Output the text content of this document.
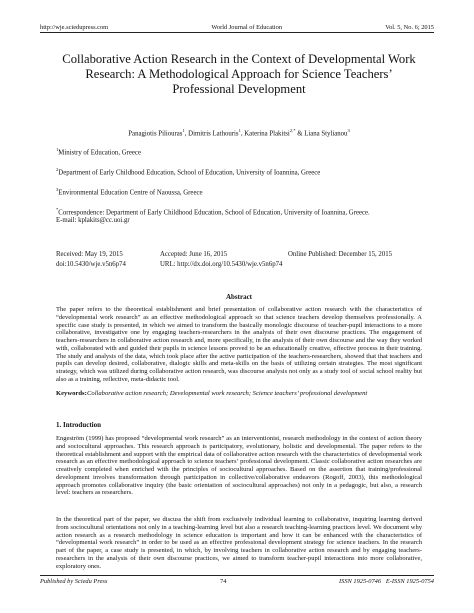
http://wje.sciedupress.com	World Journal of Education	Vol. 5, No. 6; 2015
Collaborative Action Research in the Context of Developmental Work Research: A Methodological Approach for Science Teachers’ Professional Development
Panagiotis Piliouras$^1$, Dimitris Lathouris$^1$, Katerina Plakitsi$^{2,*}$ & Liana Stylianou$^3$
$^1$Ministry of Education, Greece
$^2$Department of Early Childhood Education, School of Education, University of Ioannina, Greece
$^3$Environmental Education Centre of Naoussa, Greece
*Correspondence: Department of Early Childhood Education, School of Education, University of Ioannina, Greece.
E-mail: kplakits@cc.uoi.gr
Received: May 19, 2015	Accepted: June 16, 2015	Online Published: December 15, 2015
doi:10.5430/wje.v5n6p74	URL: http://dx.doi.org/10.5430/wje.v5n6p74
Abstract
The paper refers to the theoretical establishment and brief presentation of collaborative action research with the characteristics of “developmental work research” as an effective methodological approach so that science teachers develop themselves professionally. A specific case study is presented, in which we aimed to transform the basically monologic discourse of teacher-pupil interactions to a more collaborative, investigative one by engaging teachers-researchers in the analysis of their own discourse practices. The engagement of teachers-researchers in collaborative action research and, more specifically, in the analysis of their own discourse and the way they worked with, collaborated with and guided their pupils in science lessons proved to be an educationally creative, effective process in their training. The study and analysis of the data, which took place after the active participation of the teachers-researchers, showed that that teachers and pupils can develop desired, collaborative, dialogic skills and meta-skills on the basis of utilizing certain strategies. The most significant strategy, which was utilized during collaborative action research, was discourse analysis not only as a study tool of social school reality but also as a training, reflective, meta-didactic tool.
Keywords: Collaborative action research; Developmental work research; Science teachers’ professional development
1. Introduction
Engeström (1999) has proposed “developmental work research” as an interventionist, research methodology in the context of action theory and sociocultural approaches. This research approach is participatory, evolutionary, holistic and developmental. The paper refers to the theoretical establishment and support with the empirical data of collaborative action research with the characteristics of developmental work research as an effective methodological approach to science teachers’ professional development. Classic collaborative action researches are creatively completed when enriched with the principles of sociocultural approaches. Based on the assertion that training/professional development involves transformation through participation in collective/collaborative endeavors (Rogoff, 2003), this methodological approach promotes collaborative inquiry (the basic orientation of sociocultural approaches) not only in a pedagogic, but also, a research level: teachers as researchers.
In the theoretical part of the paper, we discuss the shift from exclusively individual learning to collaborative, inquiring learning derived from sociocultural orientations not only in a teaching-learning level but also a research teaching-learning practices level. We document why action research as a research methodology in science education is important and how it can be enhanced with the characteristics of “developmental work research” in order to be used as an effective professional development strategy for science teachers. In the research part of the paper, a case study is presented, in which, by involving teachers in collaborative action research and by engaging teachers-researchers in the analysis of their own discourse practices, we aimed to transform teacher-pupil interactions into more collaborative, exploratory ones.
Published by Sciedu Press	74	ISSN 1925-0746 E-ISSN 1925-0754
